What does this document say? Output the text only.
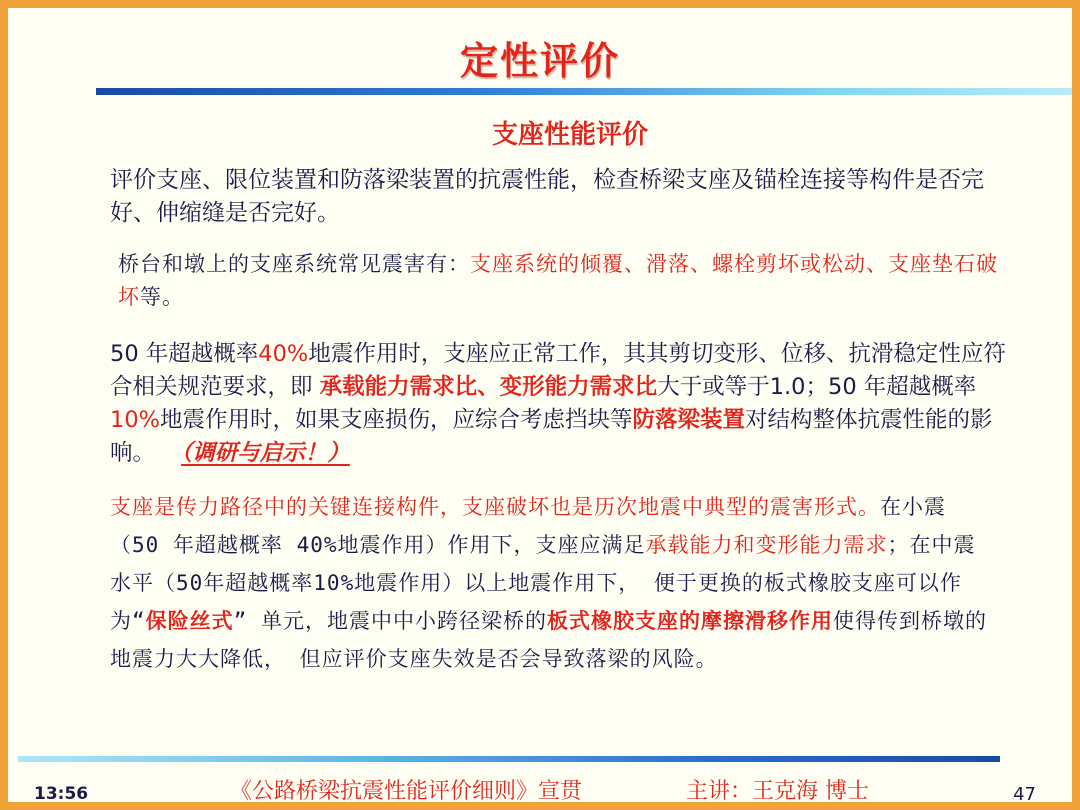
定性评价
支座性能评价
评价支座、限位装置和防落梁装置的抗震性能，检查桥梁支座及锚栓连接等构件是否完好、伸缩缝是否完好。
桥台和墩上的支座系统常见震害有：支座系统的倾覆、滑落、螺栓剪坏或松动、支座垫石破坏等。
50 年超越概率40%地震作用时，支座应正常工作，其其剪切变形、位移、抗滑稳定性应符合相关规范要求，即 承载能力需求比、变形能力需求比大于或等于1.0；50 年超越概率10%地震作用时，如果支座损伤，应综合考虑挡块等防落梁装置对结构整体抗震性能的影响。 （调研与启示！）
支座是传力路径中的关键连接构件，支座破坏也是历次地震中典型的震害形式。在小震（50 年超越概率 40%地震作用）作用下，支座应满足承载能力和变形能力需求；在中震水平（50年超越概率10%地震作用）以上地震作用下， 便于更换的板式橡胶支座可以作为“保险丝式” 单元，地震中中小跨径梁桥的板式橡胶支座的摩擦滑移作用使得传到桥墩的地震力大大降低， 但应评价支座失效是否会导致落梁的风险。
13:56	《公路桥梁抗震性能评价细则》宣贯	主讲：王克海 博士	47
